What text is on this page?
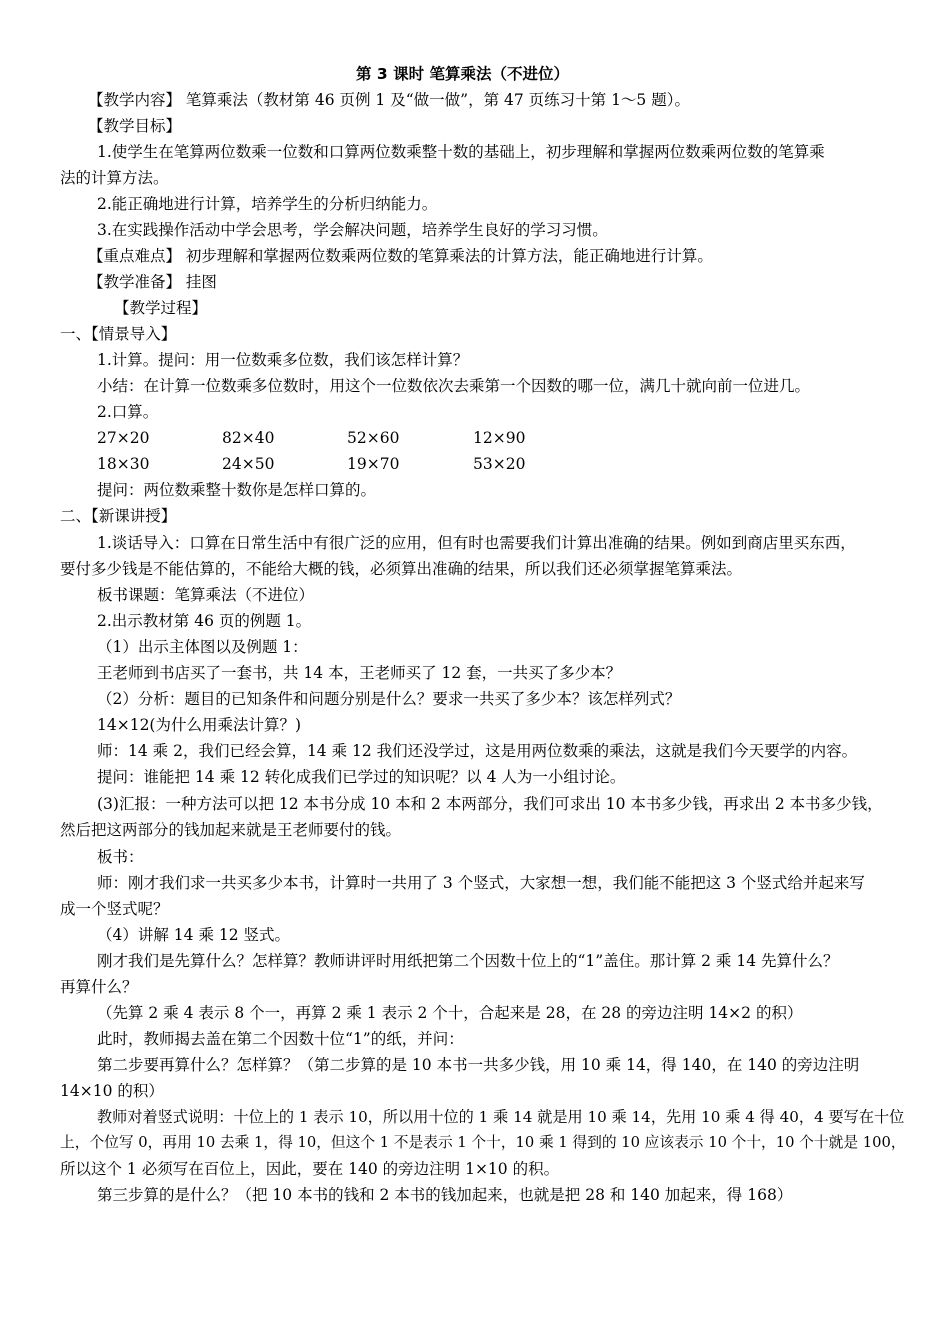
第 3 课时 笔算乘法（不进位）
【教学内容】 笔算乘法（教材第 46 页例 1 及“做一做”，第 47 页练习十第 1～5 题）。
【教学目标】
1.使学生在笔算两位数乘一位数和口算两位数乘整十数的基础上，初步理解和掌握两位数乘两位数的笔算乘
法的计算方法。
2.能正确地进行计算，培养学生的分析归纳能力。
3.在实践操作活动中学会思考，学会解决问题，培养学生良好的学习习惯。
【重点难点】 初步理解和掌握两位数乘两位数的笔算乘法的计算方法，能正确地进行计算。
【教学准备】 挂图
【教学过程】
一、【情景导入】
1.计算。提问：用一位数乘多位数，我们该怎样计算？
小结：在计算一位数乘多位数时，用这个一位数依次去乘第一个因数的哪一位，满几十就向前一位进几。
2.口算。
27×20	82×40	52×60	12×90
18×30	24×50	19×70	53×20
提问：两位数乘整十数你是怎样口算的。
二、【新课讲授】
1.谈话导入：口算在日常生活中有很广泛的应用，但有时也需要我们计算出准确的结果。例如到商店里买东西，
要付多少钱是不能估算的，不能给大概的钱，必须算出准确的结果，所以我们还必须掌握笔算乘法。
板书课题：笔算乘法（不进位）
2.出示教材第 46 页的例题 1。
（1）出示主体图以及例题 1：
王老师到书店买了一套书，共 14 本，王老师买了 12 套，一共买了多少本？
（2）分析：题目的已知条件和问题分别是什么？要求一共买了多少本？该怎样列式？
14×12(为什么用乘法计算？)
师：14 乘 2，我们已经会算，14 乘 12 我们还没学过，这是用两位数乘的乘法，这就是我们今天要学的内容。
提问：谁能把 14 乘 12 转化成我们已学过的知识呢？以 4 人为一小组讨论。
(3)汇报：一种方法可以把 12 本书分成 10 本和 2 本两部分，我们可求出 10 本书多少钱，再求出 2 本书多少钱，
然后把这两部分的钱加起来就是王老师要付的钱。
板书：
师：刚才我们求一共买多少本书，计算时一共用了 3 个竖式，大家想一想，我们能不能把这 3 个竖式给并起来写
成一个竖式呢？
（4）讲解 14 乘 12 竖式。
刚才我们是先算什么？怎样算？教师讲评时用纸把第二个因数十位上的“1”盖住。那计算 2 乘 14 先算什么？
再算什么？
（先算 2 乘 4 表示 8 个一，再算 2 乘 1 表示 2 个十，合起来是 28，在 28 的旁边注明 14×2 的积）
此时，教师揭去盖在第二个因数十位“1”的纸，并问：
第二步要再算什么？怎样算？（第二步算的是 10 本书一共多少钱，用 10 乘 14，得 140，在 140 的旁边注明
14×10 的积）
教师对着竖式说明：十位上的 1 表示 10，所以用十位的 1 乘 14 就是用 10 乘 14，先用 10 乘 4 得 40，4 要写在十位
上，个位写 0，再用 10 去乘 1，得 10，但这个 1 不是表示 1 个十，10 乘 1 得到的 10 应该表示 10 个十，10 个十就是 100，
所以这个 1 必须写在百位上，因此，要在 140 的旁边注明 1×10 的积。
第三步算的是什么？（把 10 本书的钱和 2 本书的钱加起来，也就是把 28 和 140 加起来，得 168）
